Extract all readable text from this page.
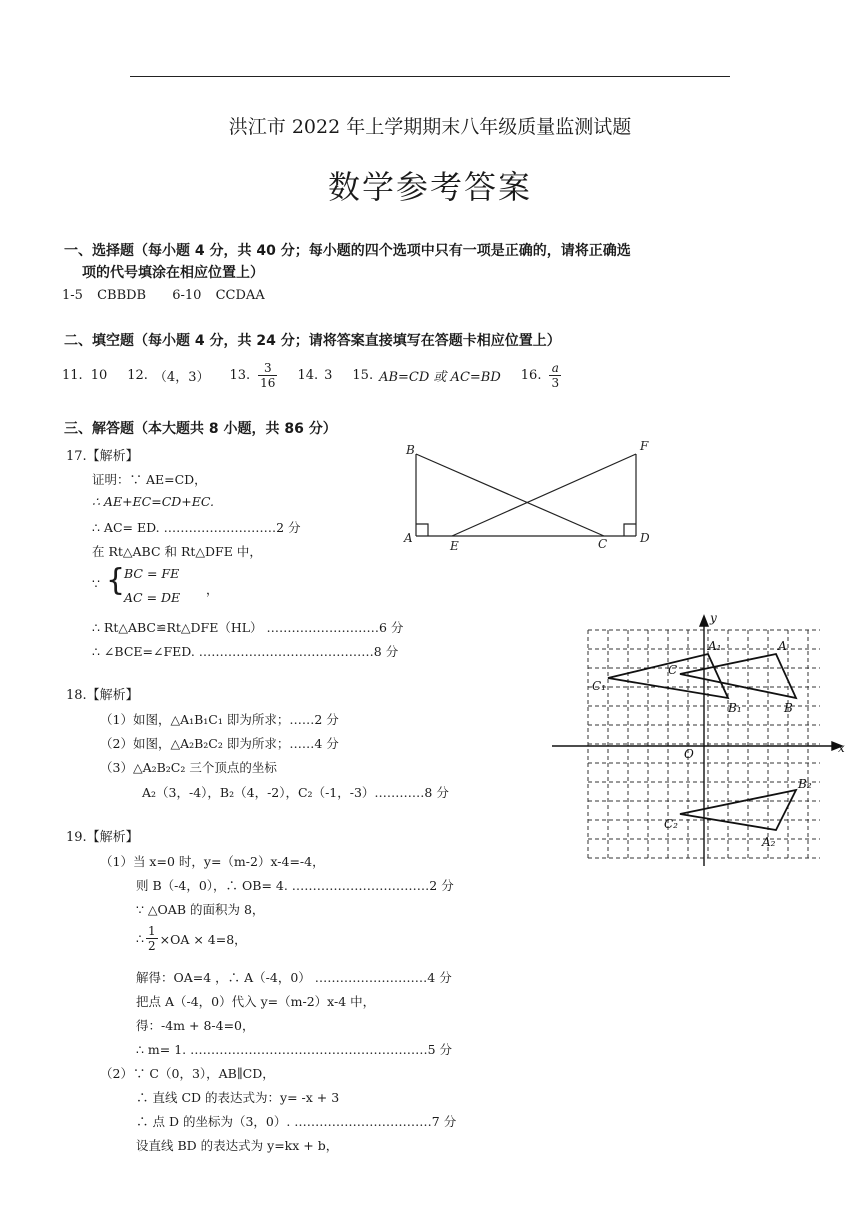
洪江市 2022 年上学期期末八年级质量监测试题
数学参考答案
一、选择题（每小题 4 分，共 40 分；每小题的四个选项中只有一项是正确的，请将正确选
项的代号填涂在相应位置上）
1-5 CBBDB 6-10 CCDAA
二、填空题（每小题 4 分，共 24 分；请将答案直接填写在答题卡相应位置上）
11. 10 12. （4，3） 13. $\frac{3}{16} 14$. 3 15. AB=CD 或 AC=BD 16. $\frac{a}{3}$
三、解答题（本大题共 8 小题，共 86 分）
17.【解析】
证明：∵ AE=CD，
∴ AE+EC=CD+EC.
∴ AC= ED. ………………………2 分
在 Rt△ABC 和 Rt△DFE 中，
∵ {
BC = FE
AC = DE
，
∴ Rt△ABC≌Rt△DFE（HL） ………………………6 分
∴ ∠BCE=∠FED. ……………………………………8 分
B	F
A
E	C	D
18.【解析】
（1）如图，△A₁B₁C₁ 即为所求；……2 分
（2）如图，△A₂B₂C₂ 即为所求；……4 分
（3）△A₂B₂C₂ 三个顶点的坐标
A₂（3，-4），B₂（4，-2），C₂（-1，-3）…………8 分
y
x
O
A
A₁
B
B₁
C
C₁
A₂
B₂
C₂
19.【解析】
（1）当 x=0 时，y=（m-2）x-4=-4，
则 B（-4，0），∴ OB= 4. ……………………………2 分
∵ △OAB 的面积为 8，
∴ $\frac{1}{2} \times OA \times 4=8$，
解得：OA=4 ，∴ A（-4，0） ………………………4 分
把点 A（-4，0）代入 y=（m-2）x-4 中，
得：-4m + 8-4=0，
∴ m= 1. …………………………………………………5 分
（2）∵ C（0，3），AB∥CD，
∴ 直线 CD 的表达式为：y= -x + 3
∴ 点 D 的坐标为（3，0）. ……………………………7 分
设直线 BD 的表达式为 y=kx + b，
